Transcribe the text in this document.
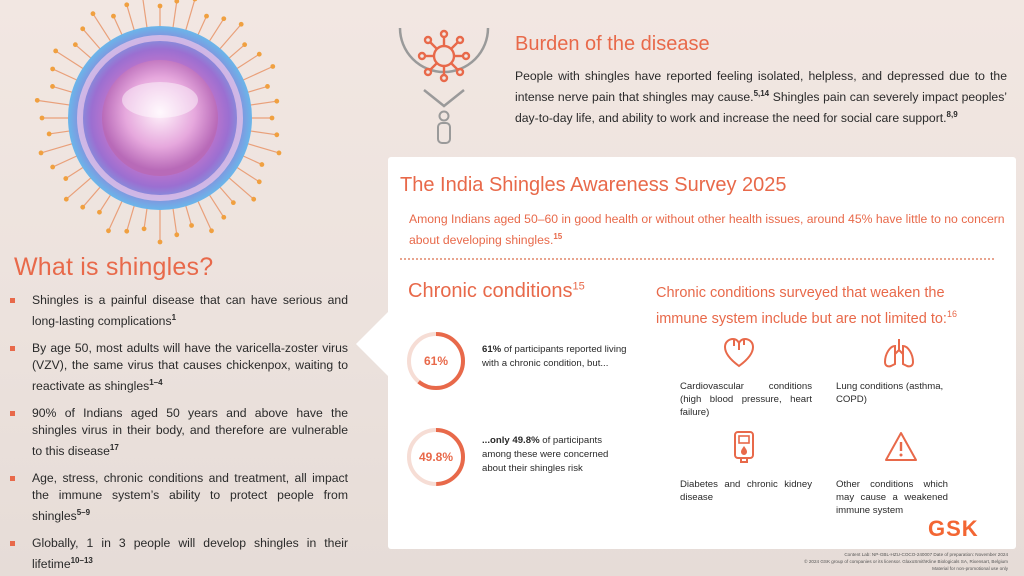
What is shingles?
Shingles is a painful disease that can have serious and long-lasting complications$^1$
By age 50, most adults will have the varicella-zoster virus (VZV), the same virus that causes chickenpox, waiting to reactivate as shingles$^{1-4}$
90% of Indians aged 50 years and above have the shingles virus in their body, and therefore are vulnerable to this disease$^{17}$
Age, stress, chronic conditions and treatment, all impact the immune system’s ability to protect people from shingles$^{5-9}$
Globally, 1 in 3 people will develop shingles in their lifetime$^{10-13}$
Burden of the disease

People with shingles have reported feeling isolated, helpless, and depressed due to the intense nerve pain that shingles may cause.$^{5,14}$ Shingles pain can severely impact peoples’ day-to-day life, and ability to work and increase the need for social care support.$^{8,9}$

The India Shingles Awareness Survey 2025

Among Indians aged 50–60 in good health or without other health issues, around 45% have little to no concern about developing shingles.$^{15}$

Chronic conditions$^{15}$
61%

61% of participants reported living with a chronic condition, but...

49.8%

...only 49.8% of participants among these were concerned about their shingles risk

Chronic conditions surveyed that weaken the immune system include but are not limited to:$^{16}$

Cardiovascular conditions (high blood pressure, heart failure)

Lung conditions (asthma, COPD)

Diabetes and chronic kidney disease

Other conditions which may cause a weakened immune system

GSK
Content Lab: NP-GBL-HZU-COCO-240007 Date of preparation: November 2024
© 2024 GSK group of companies or its licensor. GlaxoSmithKline Biologicals SA, Rixensart, Belgium
Material for non-promotional use only
